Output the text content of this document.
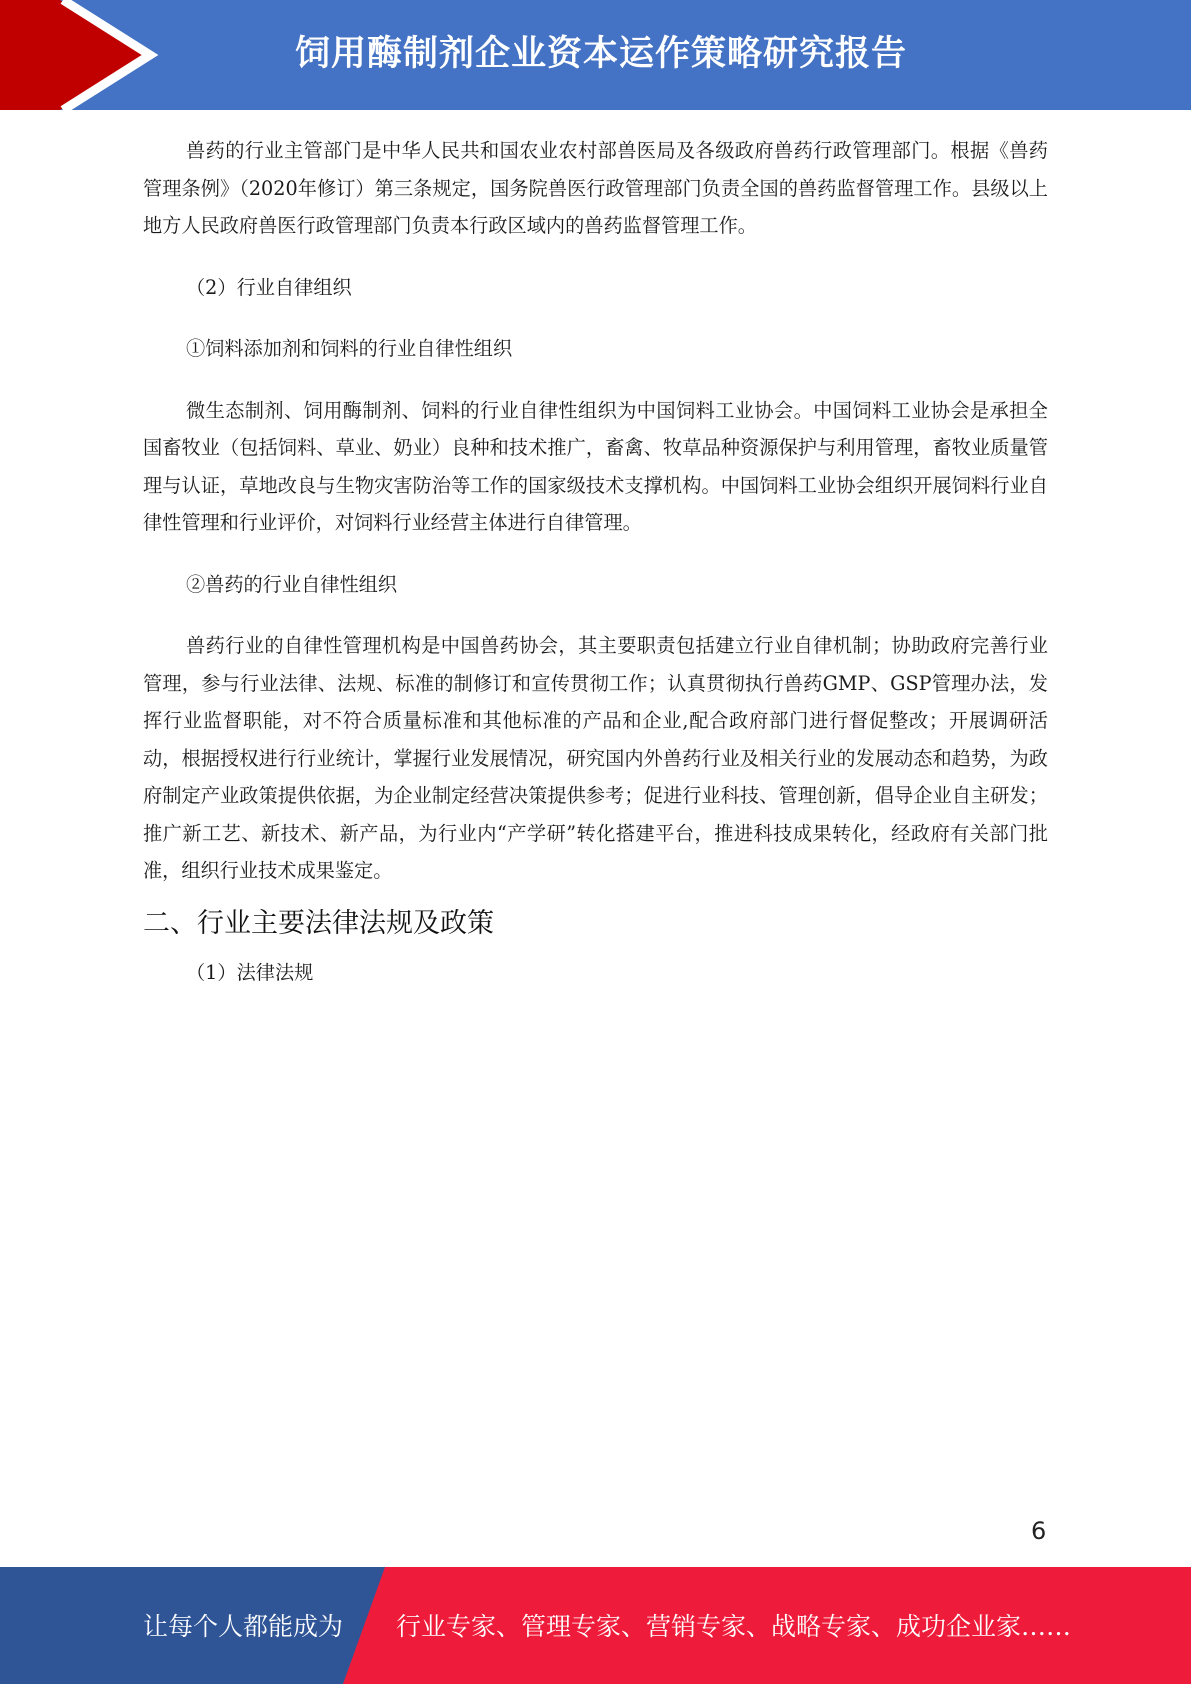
饲用酶制剂企业资本运作策略研究报告

兽药的行业主管部门是中华人民共和国农业农村部兽医局及各级政府兽药行政管理部门。根据《兽药管理条例》（2020年修订）第三条规定，国务院兽医行政管理部门负责全国的兽药监督管理工作。县级以上地方人民政府兽医行政管理部门负责本行政区域内的兽药监督管理工作。

（2）行业自律组织

①饲料添加剂和饲料的行业自律性组织

微生态制剂、饲用酶制剂、饲料的行业自律性组织为中国饲料工业协会。中国饲料工业协会是承担全国畜牧业（包括饲料、草业、奶业）良种和技术推广，畜禽、牧草品种资源保护与利用管理，畜牧业质量管理与认证，草地改良与生物灾害防治等工作的国家级技术支撑机构。中国饲料工业协会组织开展饲料行业自律性管理和行业评价，对饲料行业经营主体进行自律管理。

②兽药的行业自律性组织

兽药行业的自律性管理机构是中国兽药协会，其主要职责包括建立行业自律机制；协助政府完善行业管理，参与行业法律、法规、标准的制修订和宣传贯彻工作；认真贯彻执行兽药GMP、GSP管理办法，发挥行业监督职能，对不符合质量标准和其他标准的产品和企业,配合政府部门进行督促整改；开展调研活动，根据授权进行行业统计，掌握行业发展情况，研究国内外兽药行业及相关行业的发展动态和趋势，为政府制定产业政策提供依据，为企业制定经营决策提供参考；促进行业科技、管理创新，倡导企业自主研发；推广新工艺、新技术、新产品，为行业内“产学研”转化搭建平台，推进科技成果转化，经政府有关部门批准，组织行业技术成果鉴定。

二、行业主要法律法规及政策

（1）法律法规

6
让每个人都能成为 行业专家、管理专家、营销专家、战略专家、成功企业家……
